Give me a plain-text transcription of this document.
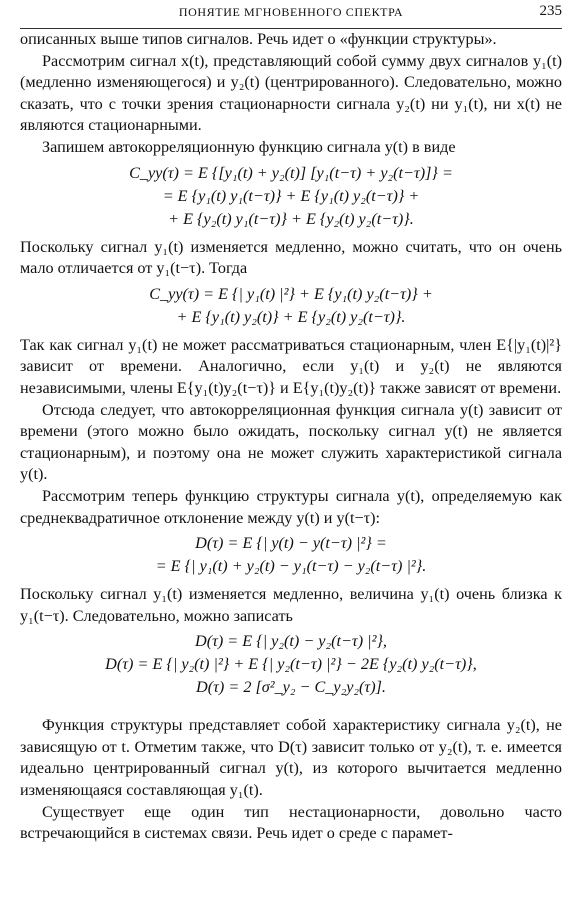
ПОНЯТИЕ МГНОВЕННОГО СПЕКТРА	235

описанных выше типов сигналов. Речь идет о «функции структуры».

Рассмотрим сигнал x(t), представляющий собой сумму двух сигналов y₁(t) (медленно изменяющегося) и y₂(t) (центрированного). Следовательно, можно сказать, что с точки зрения стационарности сигнала y₂(t) ни y₁(t), ни x(t) не являются стационарными.

Запишем автокорреляционную функцию сигнала y(t) в виде

C_yy(τ) = E {[y₁(t) + y₂(t)] [y₁(t−τ) + y₂(t−τ)]} =
= E {y₁(t) y₁(t−τ)} + E {y₁(t) y₂(t−τ)} +
+ E {y₂(t) y₁(t−τ)} + E {y₂(t) y₂(t−τ)}.

Поскольку сигнал y₁(t) изменяется медленно, можно считать, что он очень мало отличается от y₁(t−τ). Тогда

C_yy(τ) = E {| y₁(t) |²} + E {y₁(t) y₂(t−τ)} +
+ E {y₁(t) y₂(t)} + E {y₂(t) y₂(t−τ)}.

Так как сигнал y₁(t) не может рассматриваться стационарным, член E{|y₁(t)|²} зависит от времени. Аналогично, если y₁(t) и y₂(t) не являются независимыми, члены E{y₁(t)y₂(t−τ)} и E{y₁(t)y₂(t)} также зависят от времени.

Отсюда следует, что автокорреляционная функция сигнала y(t) зависит от времени (этого можно было ожидать, поскольку сигнал y(t) не является стационарным), и поэтому она не может служить характеристикой сигнала y(t).

Рассмотрим теперь функцию структуры сигнала y(t), определяемую как среднеквадратичное отклонение между y(t) и y(t−τ):

D(τ) = E {| y(t) − y(t−τ) |²} =
= E {| y₁(t) + y₂(t) − y₁(t−τ) − y₂(t−τ) |²}.

Поскольку сигнал y₁(t) изменяется медленно, величина y₁(t) очень близка к y₁(t−τ). Следовательно, можно записать

D(τ) = E {| y₂(t) − y₂(t−τ) |²},
D(τ) = E {| y₂(t) |²} + E {| y₂(t−τ) |²} − 2E {y₂(t) y₂(t−τ)},
D(τ) = 2 [σ²_y₂ − C_y₂y₂(τ)].

Функция структуры представляет собой характеристику сигнала y₂(t), не зависящую от t. Отметим также, что D(τ) зависит только от y₂(t), т. е. имеется идеально центрированный сигнал y(t), из которого вычитается медленно изменяющаяся составляющая y₁(t).

Существует еще один тип нестационарности, довольно часто встречающийся в системах связи. Речь идет о среде с парамет-
